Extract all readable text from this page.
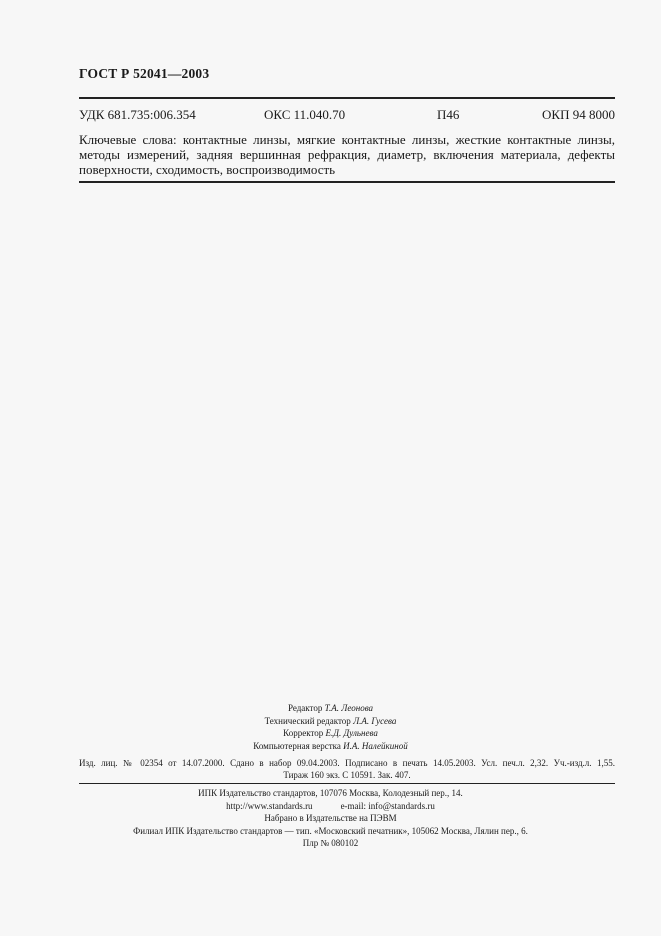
ГОСТ Р 52041—2003
УДК 681.735:006.354	ОКС 11.040.70	П46	ОКП 94 8000
Ключевые слова: контактные линзы, мягкие контактные линзы, жесткие контактные линзы, методы измерений, задняя вершинная рефракция, диаметр, включения материала, дефекты поверхности, сходимость, воспроизводимость
Редактор Т.А. Леонова
Технический редактор Л.А. Гусева
Корректор Е.Д. Дульнева
Компьютерная верстка И.А. Налейкиной
Изд. лиц. № 02354 от 14.07.2000. Сдано в набор 09.04.2003. Подписано в печать 14.05.2003. Усл. печ.л. 2,32. Уч.-изд.л. 1,55.
Тираж 160 экз. С 10591. Зак. 407.
ИПК Издательство стандартов, 107076 Москва, Колодезный пер., 14.
http://www.standards.ru	e-mail: info@standards.ru
Набрано в Издательстве на ПЭВМ
Филиал ИПК Издательство стандартов — тип. «Московский печатник», 105062 Москва, Лялин пер., 6.
Плр № 080102
